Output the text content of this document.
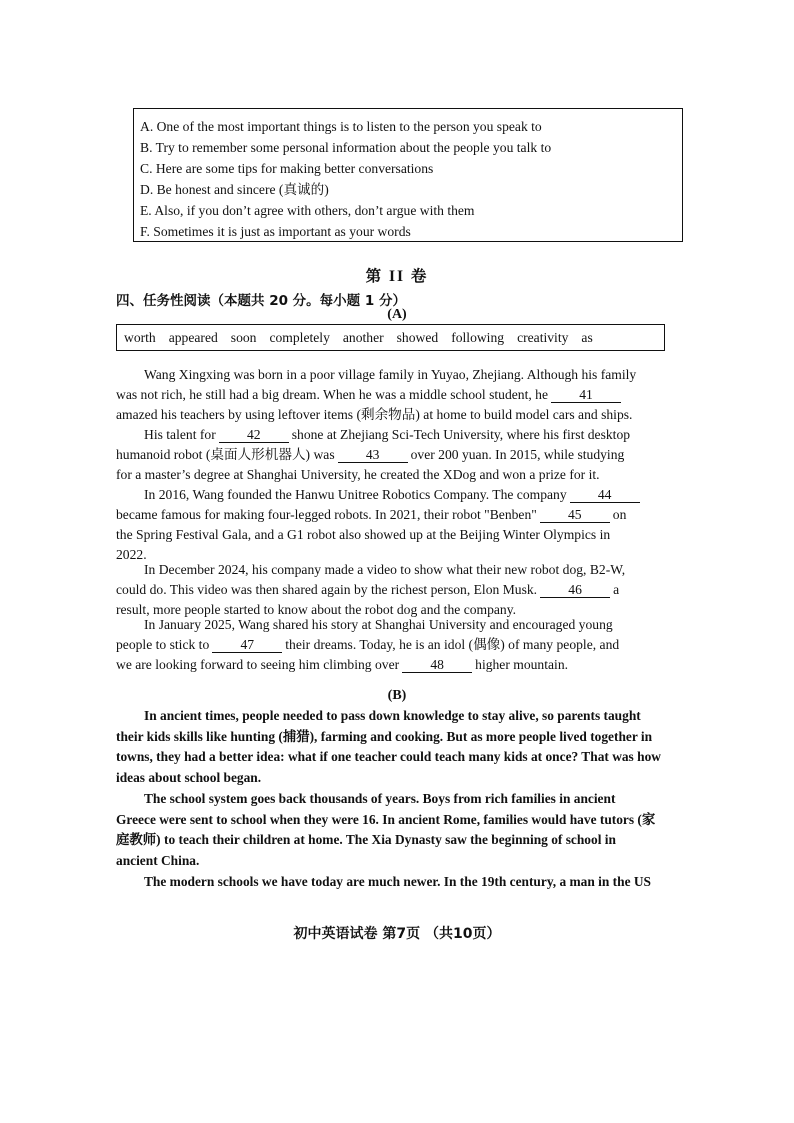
A. One of the most important things is to listen to the person you speak to
B. Try to remember some personal information about the people you talk to
C. Here are some tips for making better conversations
D. Be honest and sincere (真诚的)
E. Also, if you don’t agree with others, don’t argue with them
F. Sometimes it is just as important as your words
第 II 卷
四、任务性阅读（本题共 20 分。每小题 1 分）
(A)
worth appeared soon completely another showed following creativity as
Wang Xingxing was born in a poor village family in Yuyao, Zhejiang. Although his family
was not rich, he still had a big dream. When he was a middle school student, he 41
amazed his teachers by using leftover items (剩余物品) at home to build model cars and ships.
His talent for 42 shone at Zhejiang Sci-Tech University, where his first desktop
humanoid robot (桌面人形机器人) was 43 over 200 yuan. In 2015, while studying
for a master’s degree at Shanghai University, he created the XDog and won a prize for it.
In 2016, Wang founded the Hanwu Unitree Robotics Company. The company 44
became famous for making four-legged robots. In 2021, their robot "Benben" 45 on
the Spring Festival Gala, and a G1 robot also showed up at the Beijing Winter Olympics in
2022.
In December 2024, his company made a video to show what their new robot dog, B2-W,
could do. This video was then shared again by the richest person, Elon Musk. 46 a
result, more people started to know about the robot dog and the company.
In January 2025, Wang shared his story at Shanghai University and encouraged young
people to stick to 47 their dreams. Today, he is an idol (偶像) of many people, and
we are looking forward to seeing him climbing over 48 higher mountain.
(B)
In ancient times, people needed to pass down knowledge to stay alive, so parents taught
their kids skills like hunting (捕猎), farming and cooking. But as more people lived together in
towns, they had a better idea: what if one teacher could teach many kids at once? That was how
ideas about school began.
The school system goes back thousands of years. Boys from rich families in ancient
Greece were sent to school when they were 16. In ancient Rome, families would have tutors (家
庭教师) to teach their children at home. The Xia Dynasty saw the beginning of school in
ancient China.
The modern schools we have today are much newer. In the 19th century, a man in the US
初中英语试卷 第7页 （共10页）
